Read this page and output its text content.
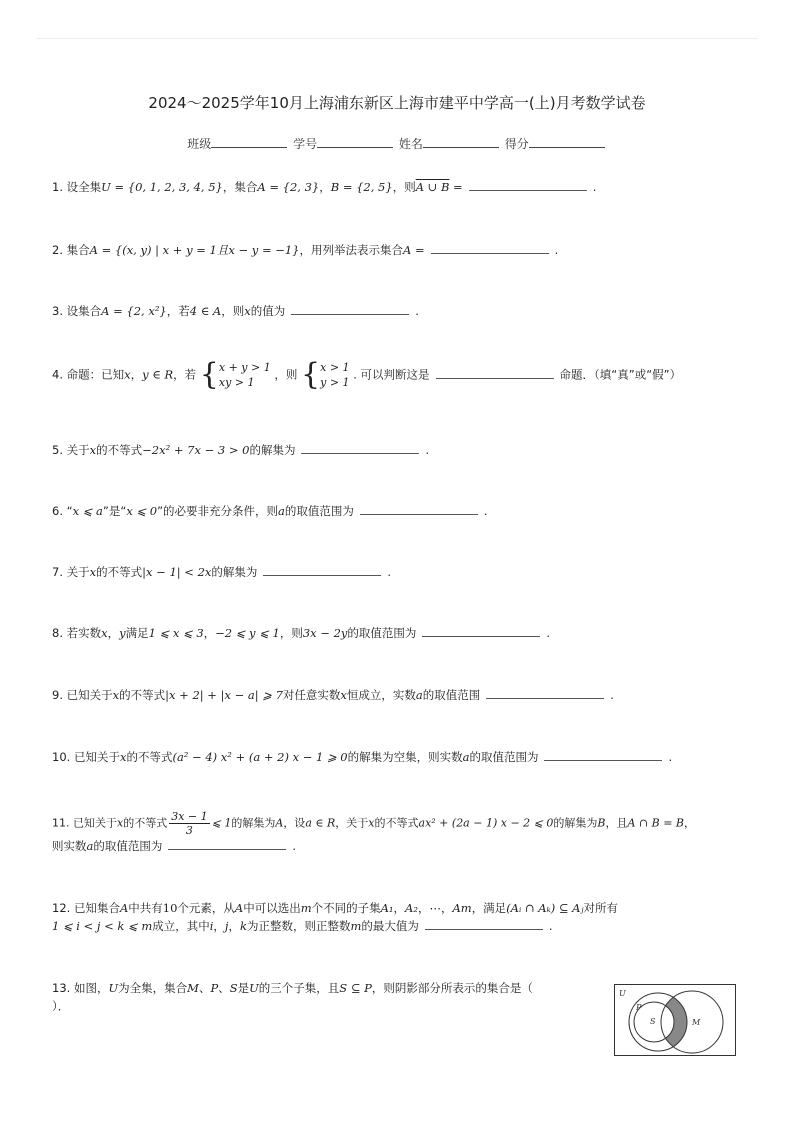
2024～2025学年10月上海浦东新区上海市建平中学高一(上)月考数学试卷
班级	学号	姓名	得分
1. 设全集U = {0, 1, 2, 3, 4, 5}，集合A = {2, 3}，B = {2, 5}，则A ∪ B =	.
2. 集合A = {(x, y) | x + y = 1且x − y = −1}，用列举法表示集合A =	.
3. 设集合A = {2, x²}，若4 ∈ A，则x的值为	.
4. 命题：已知x，y ∈ R，若 { x + y > 1
xy > 1
，则 { x > 1
y > 1
. 可以判断这是	命题．（填“真”或“假”）
5. 关于x的不等式−2x² + 7x − 3 > 0的解集为	.
6. “x ⩽ a”是“x ⩽ 0”的必要非充分条件，则a的取值范围为	.
7. 关于x的不等式|x − 1| < 2x的解集为	.
8. 若实数x，y满足1 ⩽ x ⩽ 3，−2 ⩽ y ⩽ 1，则3x − 2y的取值范围为	.
9. 已知关于x的不等式|x + 2| + |x − a| ⩾ 7对任意实数x恒成立，实数a的取值范围	.
10. 已知关于x的不等式(a² − 4) x² + (a + 2) x − 1 ⩾ 0的解集为空集，则实数a的取值范围为	.
11. 已知关于x的不等式 $\frac{3x - 1}{3}$ ⩽ 1的解集为A，设a ∈ R，关于x的不等式ax² + (2a − 1) x − 2 ⩽ 0的解集为B，且A ∩ B = B，
则实数a的取值范围为	.
12. 已知集合A中共有10个元素，从A中可以选出m个不同的子集A₁，A₂，⋯，Am，满足(Aᵢ ∩ Aₖ) ⊆ Aⱼ对所有
1 ⩽ i < j < k ⩽ m成立，其中i，j，k为正整数，则正整数m的最大值为	.
13. 如图，U为全集，集合M、P、S是U的三个子集，且S ⊆ P，则阴影部分所表示的集合是（
）．
U
P
S	M
